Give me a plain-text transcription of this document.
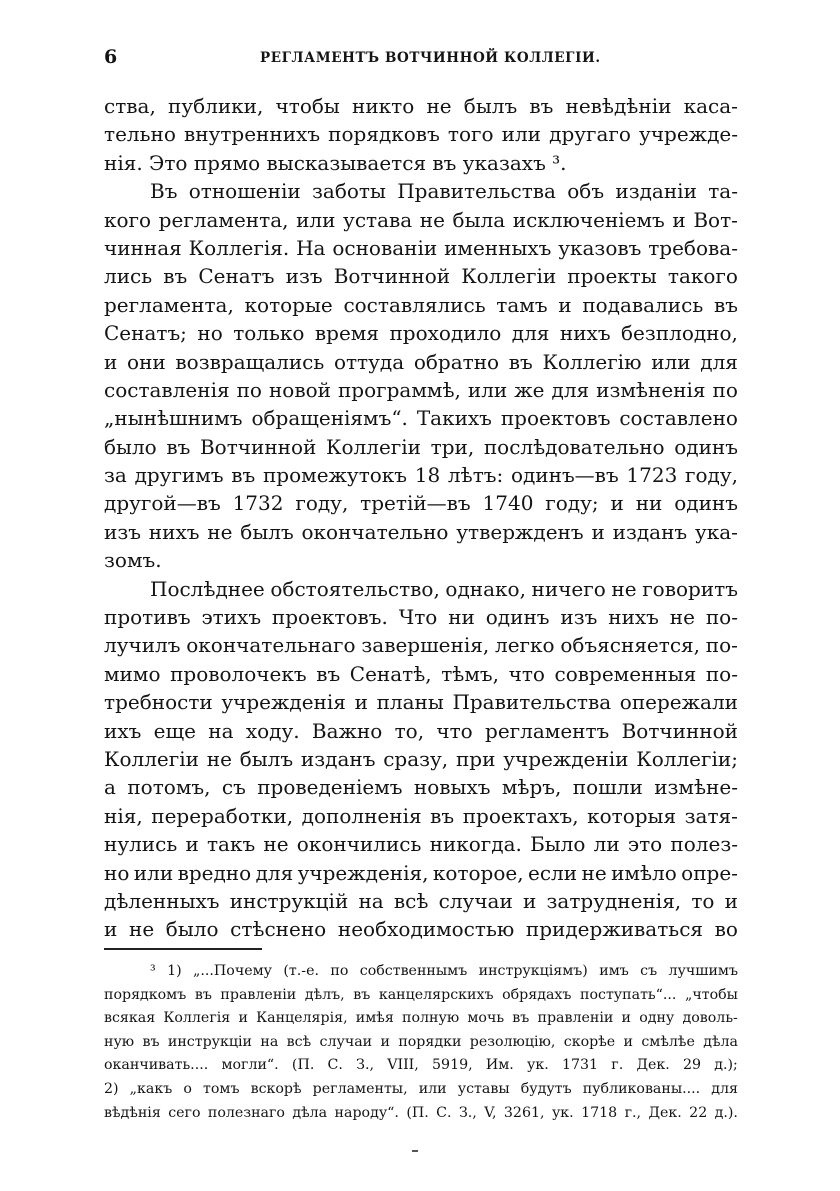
6	РЕГЛАМЕНТЪ ВОТЧИННОЙ КОЛЛЕГІИ.
ства, публики, чтобы никто не былъ въ невѣдѣніи каса-
тельно внутреннихъ порядковъ того или другаго учрежде-
нія. Это прямо высказывается въ указахъ ³.
Въ отношеніи заботы Правительства объ изданіи та-
кого регламента, или устава не была исключеніемъ и Вот-
чинная Коллегія. На основаніи именныхъ указовъ требова-
лись въ Сенатъ изъ Вотчинной Коллегіи проекты такого
регламента, которые составлялись тамъ и подавались въ
Сенатъ; но только время проходило для нихъ безплодно,
и они возвращались оттуда обратно въ Коллегію или для
составленія по новой программѣ, или же для измѣненія по
„нынѣшнимъ обращеніямъ“. Такихъ проектовъ составлено
было въ Вотчинной Коллегіи три, послѣдовательно одинъ
за другимъ въ промежутокъ 18 лѣтъ: одинъ—въ 1723 году,
другой—въ 1732 году, третій—въ 1740 году; и ни одинъ
изъ нихъ не былъ окончательно утвержденъ и изданъ ука-
зомъ.
Послѣднее обстоятельство, однако, ничего не говоритъ
противъ этихъ проектовъ. Что ни одинъ изъ нихъ не по-
лучилъ окончательнаго завершенія, легко объясняется, по-
мимо проволочекъ въ Сенатѣ, тѣмъ, что современныя по-
требности учрежденія и планы Правительства опережали
ихъ еще на ходу. Важно то, что регламентъ Вотчинной
Коллегіи не былъ изданъ сразу, при учрежденіи Коллегіи;
а потомъ, съ проведеніемъ новыхъ мѣръ, пошли измѣне-
нія, переработки, дополненія въ проектахъ, которыя затя-
нулись и такъ не окончились никогда. Было ли это полез-
но или вредно для учрежденія, которое, если не имѣло опре-
дѣленныхъ инструкцій на всѣ случаи и затрудненія, то и
и не было стѣснено необходимостью придерживаться во
³ 1) „...Почему (т.-е. по собственнымъ инструкціямъ) имъ съ лучшимъ
порядкомъ въ правленіи дѣлъ, въ канцелярскихъ обрядахъ поступать“... „чтобы
всякая Коллегія и Канцелярія, имѣя полную мочь въ правленіи и одну доволь-
ную въ инструкціи на всѣ случаи и порядки резолюцію, скорѣе и смѣлѣе дѣла
оканчивать.... могли“. (П. С. З., VIII, 5919, Им. ук. 1731 г. Дек. 29 д.);
2) „какъ о томъ вскорѣ регламенты, или уставы будутъ публикованы.... для
вѣдѣнія сего полезнаго дѣла народу“. (П. С. З., V, 3261, ук. 1718 г., Дек. 22 д.).
